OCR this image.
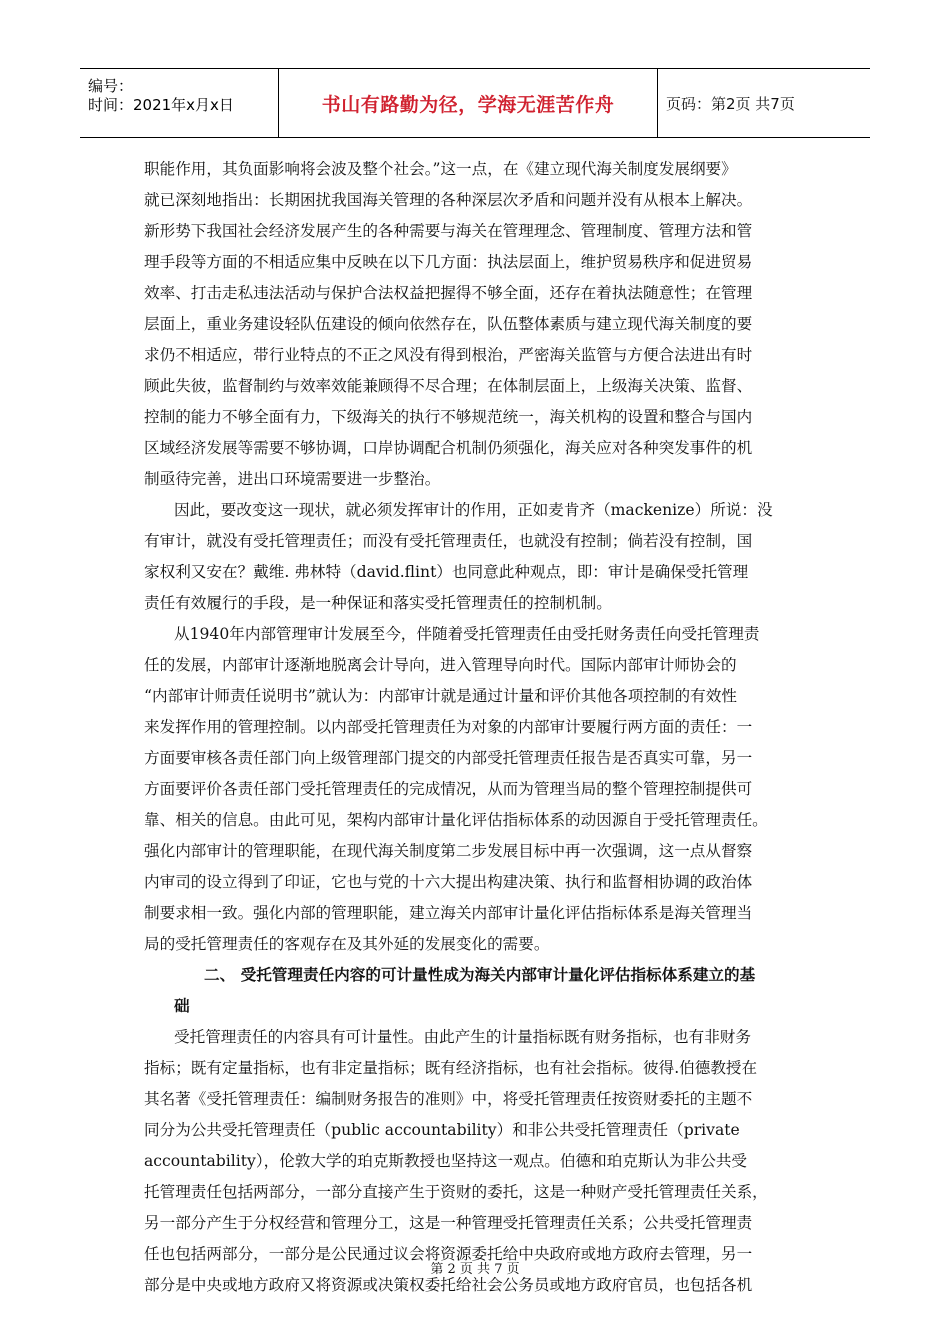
编号：
时间：2021年x月x日	书山有路勤为径，学海无涯苦作舟	页码：第2页 共7页
职能作用，其负面影响将会波及整个社会。”这一点，在《建立现代海关制度发展纲要》
就已深刻地指出：长期困扰我国海关管理的各种深层次矛盾和问题并没有从根本上解决。
新形势下我国社会经济发展产生的各种需要与海关在管理理念、管理制度、管理方法和管
理手段等方面的不相适应集中反映在以下几方面：执法层面上，维护贸易秩序和促进贸易
效率、打击走私违法活动与保护合法权益把握得不够全面，还存在着执法随意性；在管理
层面上，重业务建设轻队伍建设的倾向依然存在，队伍整体素质与建立现代海关制度的要
求仍不相适应，带行业特点的不正之风没有得到根治，严密海关监管与方便合法进出有时
顾此失彼，监督制约与效率效能兼顾得不尽合理；在体制层面上，上级海关决策、监督、
控制的能力不够全面有力，下级海关的执行不够规范统一，海关机构的设置和整合与国内
区域经济发展等需要不够协调，口岸协调配合机制仍须强化，海关应对各种突发事件的机
制亟待完善，进出口环境需要进一步整治。
因此，要改变这一现状，就必须发挥审计的作用，正如麦肯齐（mackenize）所说：没
有审计，就没有受托管理责任；而没有受托管理责任，也就没有控制；倘若没有控制，国
家权利又安在？戴维. 弗林特（david.flint）也同意此种观点，即：审计是确保受托管理
责任有效履行的手段，是一种保证和落实受托管理责任的控制机制。
从1940年内部管理审计发展至今，伴随着受托管理责任由受托财务责任向受托管理责
任的发展，内部审计逐渐地脱离会计导向，进入管理导向时代。国际内部审计师协会的
“内部审计师责任说明书”就认为：内部审计就是通过计量和评价其他各项控制的有效性
来发挥作用的管理控制。以内部受托管理责任为对象的内部审计要履行两方面的责任：一
方面要审核各责任部门向上级管理部门提交的内部受托管理责任报告是否真实可靠，另一
方面要评价各责任部门受托管理责任的完成情况，从而为管理当局的整个管理控制提供可
靠、相关的信息。由此可见，架构内部审计量化评估指标体系的动因源自于受托管理责任。
强化内部审计的管理职能，在现代海关制度第二步发展目标中再一次强调，这一点从督察
内审司的设立得到了印证，它也与党的十六大提出构建决策、执行和监督相协调的政治体
制要求相一致。强化内部的管理职能，建立海关内部审计量化评估指标体系是海关管理当
局的受托管理责任的客观存在及其外延的发展变化的需要。
二、 受托管理责任内容的可计量性成为海关内部审计量化评估指标体系建立的基
础
受托管理责任的内容具有可计量性。由此产生的计量指标既有财务指标，也有非财务
指标；既有定量指标，也有非定量指标；既有经济指标，也有社会指标。彼得.伯德教授在
其名著《受托管理责任：编制财务报告的准则》中，将受托管理责任按资财委托的主题不
同分为公共受托管理责任（public accountability）和非公共受托管理责任（private
accountability），伦敦大学的珀克斯教授也坚持这一观点。伯德和珀克斯认为非公共受
托管理责任包括两部分，一部分直接产生于资财的委托，这是一种财产受托管理责任关系，
另一部分产生于分权经营和管理分工，这是一种管理受托管理责任关系；公共受托管理责
任也包括两部分，一部分是公民通过议会将资源委托给中央政府或地方政府去管理，另一
部分是中央或地方政府又将资源或决策权委托给社会公务员或地方政府官员，也包括各机
第 2 页 共 7 页
